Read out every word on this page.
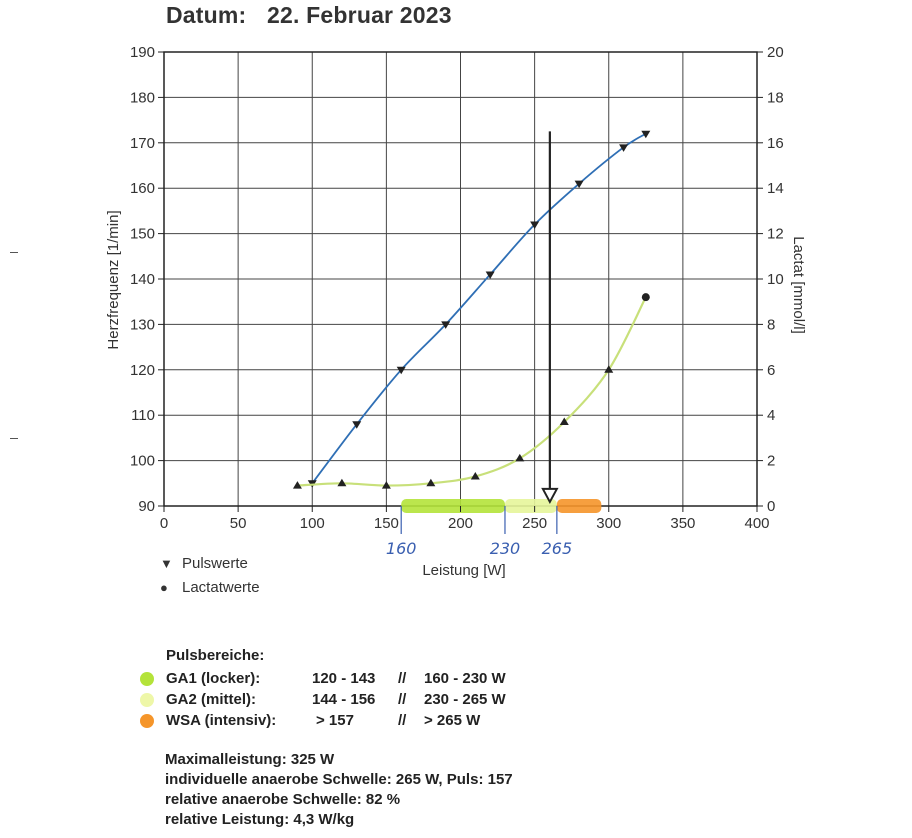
Datum: 22. Februar 2023
0	50	100	150	200	250	300	350	400
90
100
110
120
130
140
150
160
170
180
190
0
2
4
6
8
10
12
14
16
18
20
160	230 265
Leistung [W]
Herzfrequenz [1/min]	Lactat [mmol/l]
▼ Pulswerte
● Lactatwerte
Pulsbereiche:
GA1 (locker):	120 - 143	//	160 - 230 W
GA2 (mittel):	144 - 156	//	230 - 265 W
WSA (intensiv):	> 157	//	> 265 W
Maximalleistung: 325 W
individuelle anaerobe Schwelle: 265 W, Puls: 157
relative anaerobe Schwelle: 82 %
relative Leistung: 4,3 W/kg
